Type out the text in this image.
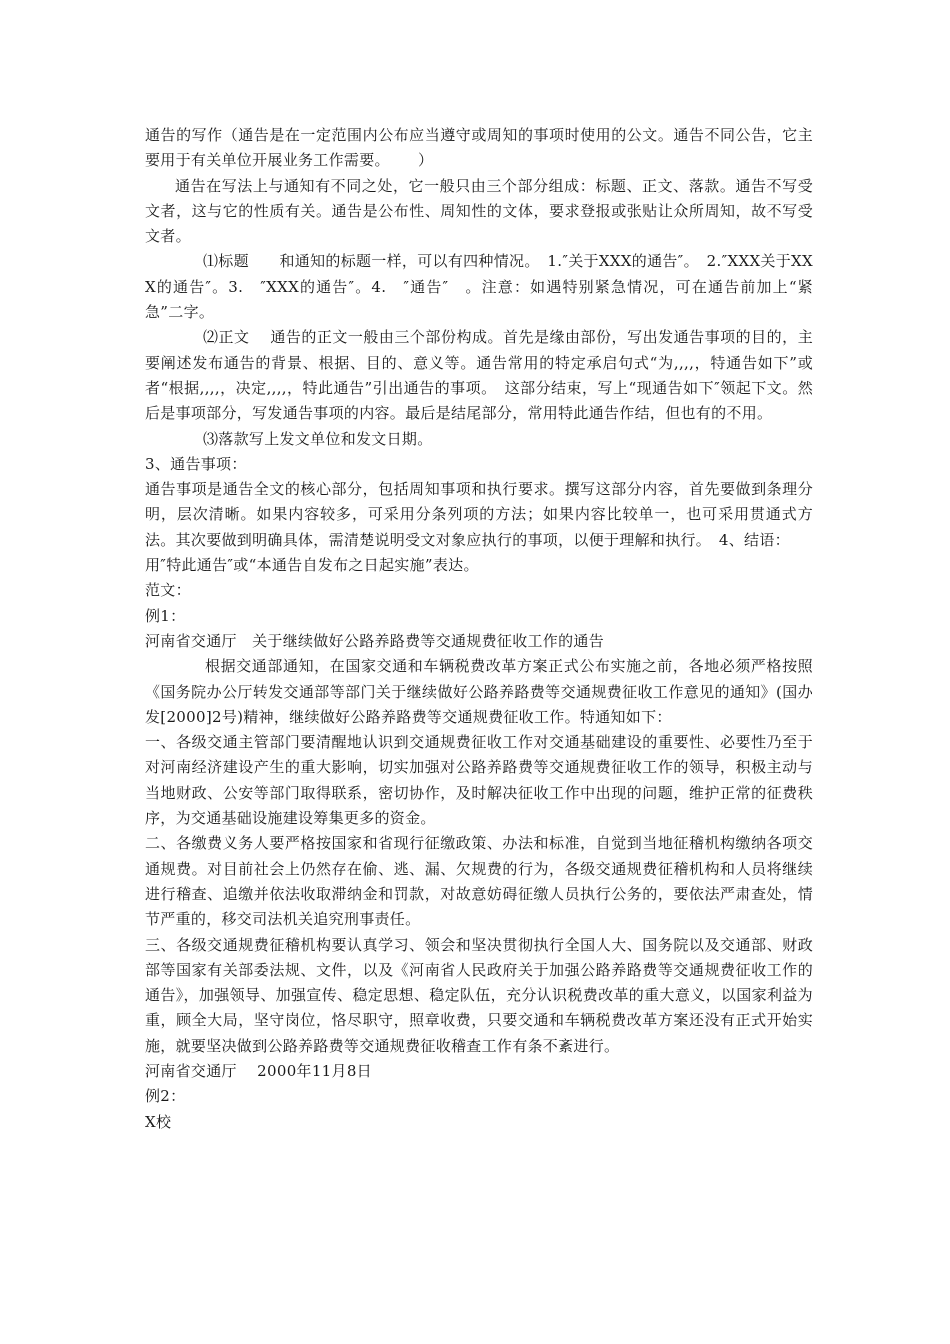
通告的写作（通告是在一定范围内公布应当遵守或周知的事项时使用的公文。通告不同公告，它主要用于有关单位开展业务工作需要。　　 ）

通告在写法上与通知有不同之处，它一般只由三个部分组成：标题、正文、落款。通告不写受文者，这与它的性质有关。通告是公布性、周知性的文体，要求登报或张贴让众所周知，故不写受文者。

⑴标题　　和通知的标题一样，可以有四种情况。　1.″关于XXX的通告″。　2.″XXX关于XXX的通告″。3.　″XXX的通告″。4.　″通告″　。注意：如遇特别紧急情况，可在通告前加上“紧急”二字。

⑵正文　 通告的正文一般由三个部份构成。首先是缘由部份，写出发通告事项的目的，主要阐述发布通告的背景、根据、目的、意义等。通告常用的特定承启句式“为,,,,，特通告如下”或者“根据,,,,，决定,,,,，特此通告”引出通告的事项。　这部分结束，写上“现通告如下″领起下文。然后是事项部分，写发通告事项的内容。最后是结尾部分，常用特此通告作结，但也有的不用。

⑶落款写上发文单位和发文日期。

3、通告事项：

通告事项是通告全文的核心部分，包括周知事项和执行要求。撰写这部分内容，首先要做到条理分明，层次清晰。如果内容较多，可采用分条列项的方法；如果内容比较单一，也可采用贯通式方法。其次要做到明确具体，需清楚说明受文对象应执行的事项，以便于理解和执行。　4、结语：

用″特此通告″或“本通告自发布之日起实施”表达。

范文：

例1：

河南省交通厅　关于继续做好公路养路费等交通规费征收工作的通告

根据交通部通知，在国家交通和车辆税费改革方案正式公布实施之前，各地必须严格按照《国务院办公厅转发交通部等部门关于继续做好公路养路费等交通规费征收工作意见的通知》(国办发[2000]2号)精神，继续做好公路养路费等交通规费征收工作。特通知如下：

一、各级交通主管部门要清醒地认识到交通规费征收工作对交通基础建设的重要性、必要性乃至于对河南经济建设产生的重大影响，切实加强对公路养路费等交通规费征收工作的领导，积极主动与当地财政、公安等部门取得联系，密切协作，及时解决征收工作中出现的问题，维护正常的征费秩序，为交通基础设施建设筹集更多的资金。

二、各缴费义务人要严格按国家和省现行征缴政策、办法和标准，自觉到当地征稽机构缴纳各项交通规费。对目前社会上仍然存在偷、逃、漏、欠规费的行为，各级交通规费征稽机构和人员将继续进行稽查、追缴并依法收取滞纳金和罚款，对故意妨碍征缴人员执行公务的，要依法严肃查处，情节严重的，移交司法机关追究刑事责任。

三、各级交通规费征稽机构要认真学习、领会和坚决贯彻执行全国人大、国务院以及交通部、财政部等国家有关部委法规、文件，以及《河南省人民政府关于加强公路养路费等交通规费征收工作的通告》，加强领导、加强宣传、稳定思想、稳定队伍，充分认识税费改革的重大意义，以国家利益为重，顾全大局，坚守岗位，恪尽职守，照章收费，只要交通和车辆税费改革方案还没有正式开始实施，就要坚决做到公路养路费等交通规费征收稽查工作有条不紊进行。

河南省交通厅　 2000年11月8日

例2：

X校
